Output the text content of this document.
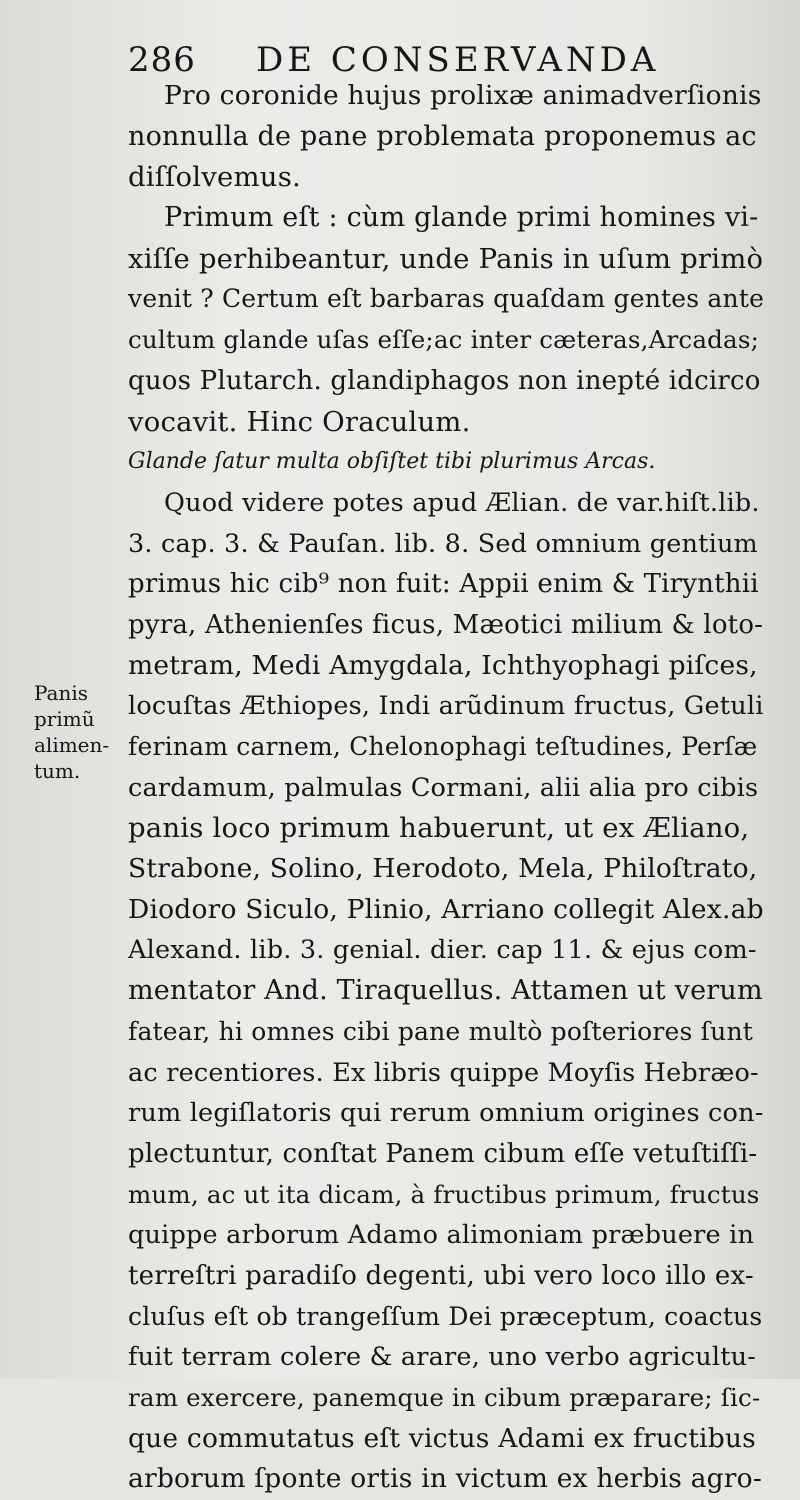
286 DE CONSERVANDA
Panis
primũ
alimen-
tum.
Pro coronide hujus prolixæ animadverſionis
nonnulla de pane problemata proponemus ac
diſſolvemus.
Primum eſt : cùm glande primi homines vi-
xiſſe perhibeantur, unde Panis in uſum primò
venit ? Certum eſt barbaras quaſdam gentes ante
cultum glande uſas eſſe;ac inter cæteras,Arcadas;
quos Plutarch. glandiphagos non inepté idcirco
vocavit. Hinc Oraculum.
Glande ſatur multa obſiſtet tibi plurimus Arcas.
Quod videre potes apud Ælian. de var.hiſt.lib.
3. cap. 3. & Pauſan. lib. 8. Sed omnium gentium
primus hic cib⁹ non fuit: Appii enim & Tirynthii
pyra, Athenienſes ficus, Mæotici milium & loto-
metram, Medi Amygdala, Ichthyophagi piſces,
locuſtas Æthiopes, Indi arũdinum fructus, Getuli
ferinam carnem, Chelonophagi teſtudines, Perſæ
cardamum, palmulas Cormani, alii alia pro cibis
panis loco primum habuerunt, ut ex Æliano,
Strabone, Solino, Herodoto, Mela, Philoſtrato,
Diodoro Siculo, Plinio, Arriano collegit Alex.ab
Alexand. lib. 3. genial. dier. cap 11. & ejus com-
mentator And. Tiraquellus. Attamen ut verum
fatear, hi omnes cibi pane multò poſteriores ſunt
ac recentiores. Ex libris quippe Moyſis Hebræo-
rum legiſlatoris qui rerum omnium origines con-
plectuntur, conſtat Panem cibum eſſe vetuſtiſſi-
mum, ac ut ita dicam, à fructibus primum, fructus
quippe arborum Adamo alimoniam præbuere in
terreſtri paradiſo degenti, ubi vero loco illo ex-
cluſus eſt ob trangeſſum Dei præceptum, coactus
fuit terram colere & arare, uno verbo agricultu-
ram exercere, panemque in cibum præparare; ſic-
que commutatus eſt victus Adami ex fructibus
arborum ſponte ortis in victum ex herbis agro-
